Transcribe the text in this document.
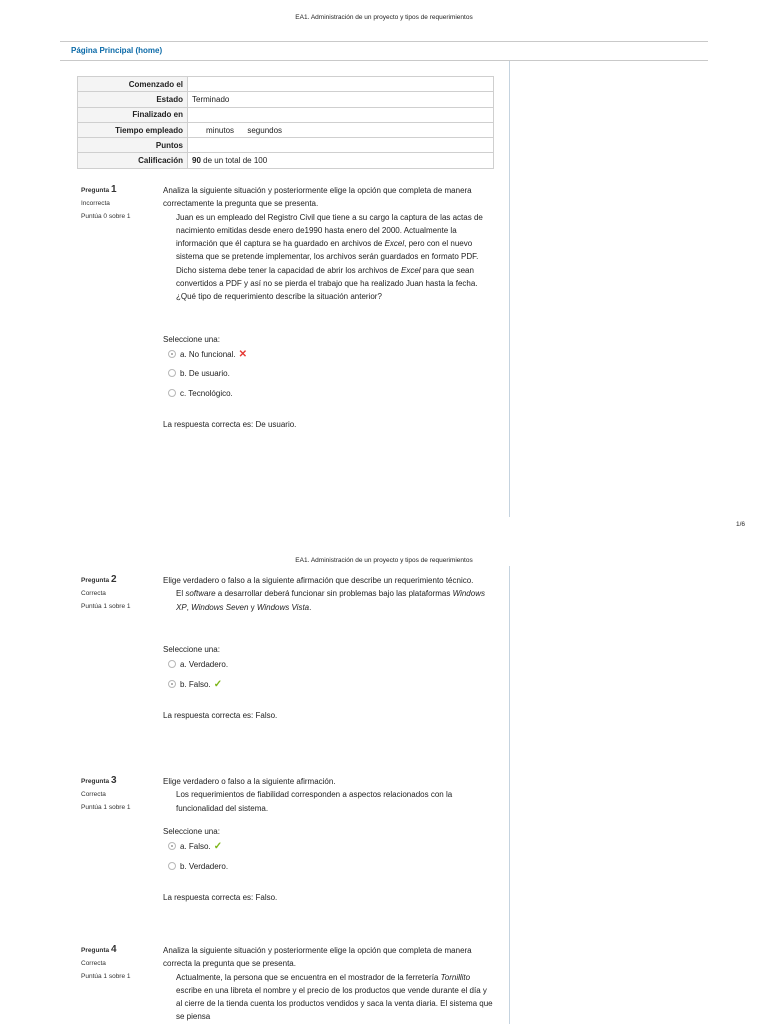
EA1. Administración de un proyecto y tipos de requerimientos
Página Principal (home)
Comenzado el	
Estado	Terminado
Finalizado en	
Tiempo empleado	minutos      segundos
Puntos	
Calificación	90 de un total de 100
Pregunta 1
Incorrecta
Puntúa 0 sobre 1
Analiza la siguiente situación y posteriormente elige la opción que completa de manera correctamente la pregunta que se presenta.
Juan es un empleado del Registro Civil que tiene a su cargo la captura de las actas de nacimiento emitidas desde enero de1990 hasta enero del 2000. Actualmente la información que él captura se ha guardado en archivos de Excel, pero con el nuevo sistema que se pretende implementar, los archivos serán guardados en formato PDF. Dicho sistema debe tener la capacidad de abrir los archivos de Excel para que sean convertidos a PDF y así no se pierda el trabajo que ha realizado Juan hasta la fecha. ¿Qué tipo de requerimiento describe la situación anterior?
Seleccione una:
a. No funcional. ✕
b. De usuario.
c. Tecnológico.
La respuesta correcta es: De usuario.
1/6
EA1. Administración de un proyecto y tipos de requerimientos
Pregunta 2
Correcta
Puntúa 1 sobre 1
Elige verdadero o falso a la siguiente afirmación que describe un requerimiento técnico.
El software a desarrollar deberá funcionar sin problemas bajo las plataformas Windows XP, Windows Seven y Windows Vista.
Seleccione una:
a. Verdadero.
b. Falso. ✓
La respuesta correcta es: Falso.
Pregunta 3
Correcta
Puntúa 1 sobre 1
Elige verdadero o falso a la siguiente afirmación.
Los requerimientos de fiabilidad corresponden a aspectos relacionados con la funcionalidad del sistema.
Seleccione una:
a. Falso. ✓
b. Verdadero.
La respuesta correcta es: Falso.
Pregunta 4
Correcta
Puntúa 1 sobre 1
Analiza la siguiente situación y posteriormente elige la opción que completa de manera correcta la pregunta que se presenta.
Actualmente, la persona que se encuentra en el mostrador de la ferretería Tornillito escribe en una libreta el nombre y el precio de los productos que vende durante el día y al cierre de la tienda cuenta los productos vendidos y saca la venta diaria. El sistema que se piensa
